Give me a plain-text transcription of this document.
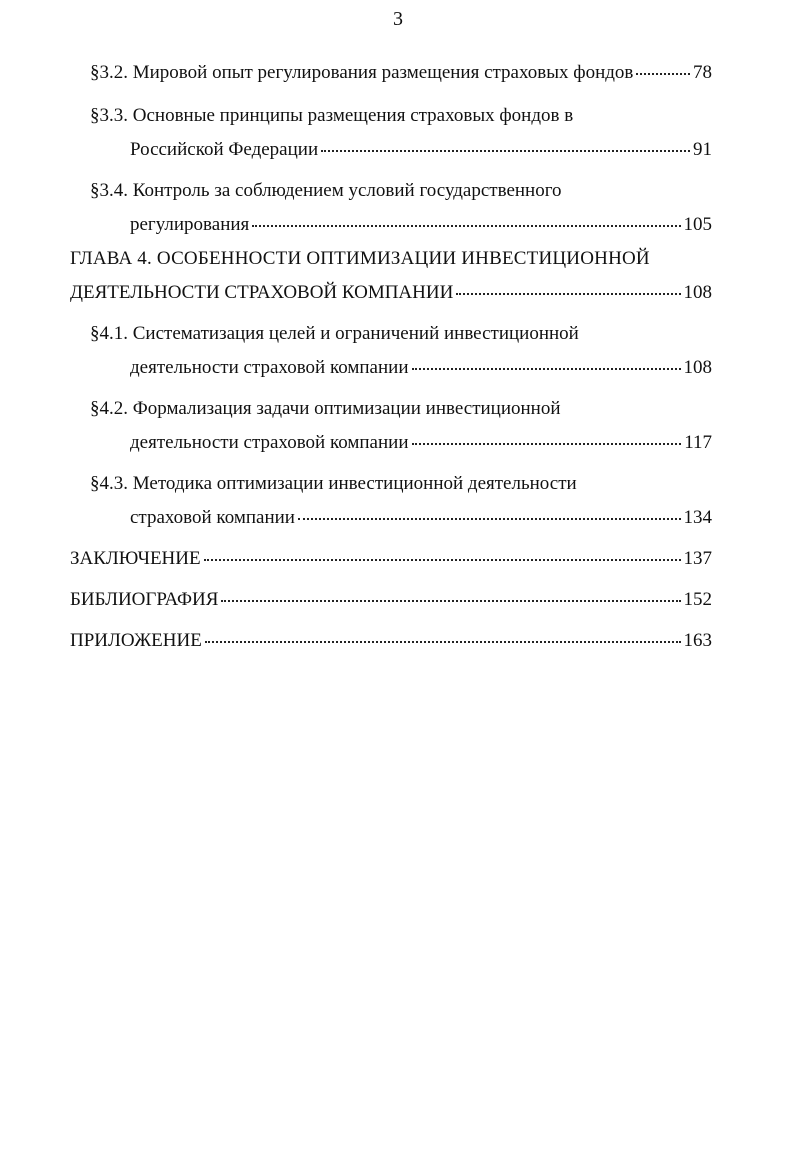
3
§3.2. Мировой опыт регулирования размещения страховых фондов	78
§3.3. Основные принципы размещения страховых фондов в
Российской Федерации	91
§3.4. Контроль за соблюдением условий государственного
регулирования	105
ГЛАВА 4. ОСОБЕННОСТИ ОПТИМИЗАЦИИ ИНВЕСТИЦИОННОЙ
ДЕЯТЕЛЬНОСТИ СТРАХОВОЙ КОМПАНИИ	108
§4.1. Систематизация целей и ограничений инвестиционной
деятельности страховой компании	108
§4.2. Формализация задачи оптимизации инвестиционной
деятельности страховой компании	117
§4.3. Методика оптимизации инвестиционной деятельности
страховой компании	134
ЗАКЛЮЧЕНИЕ	137
БИБЛИОГРАФИЯ	152
ПРИЛОЖЕНИЕ	163
